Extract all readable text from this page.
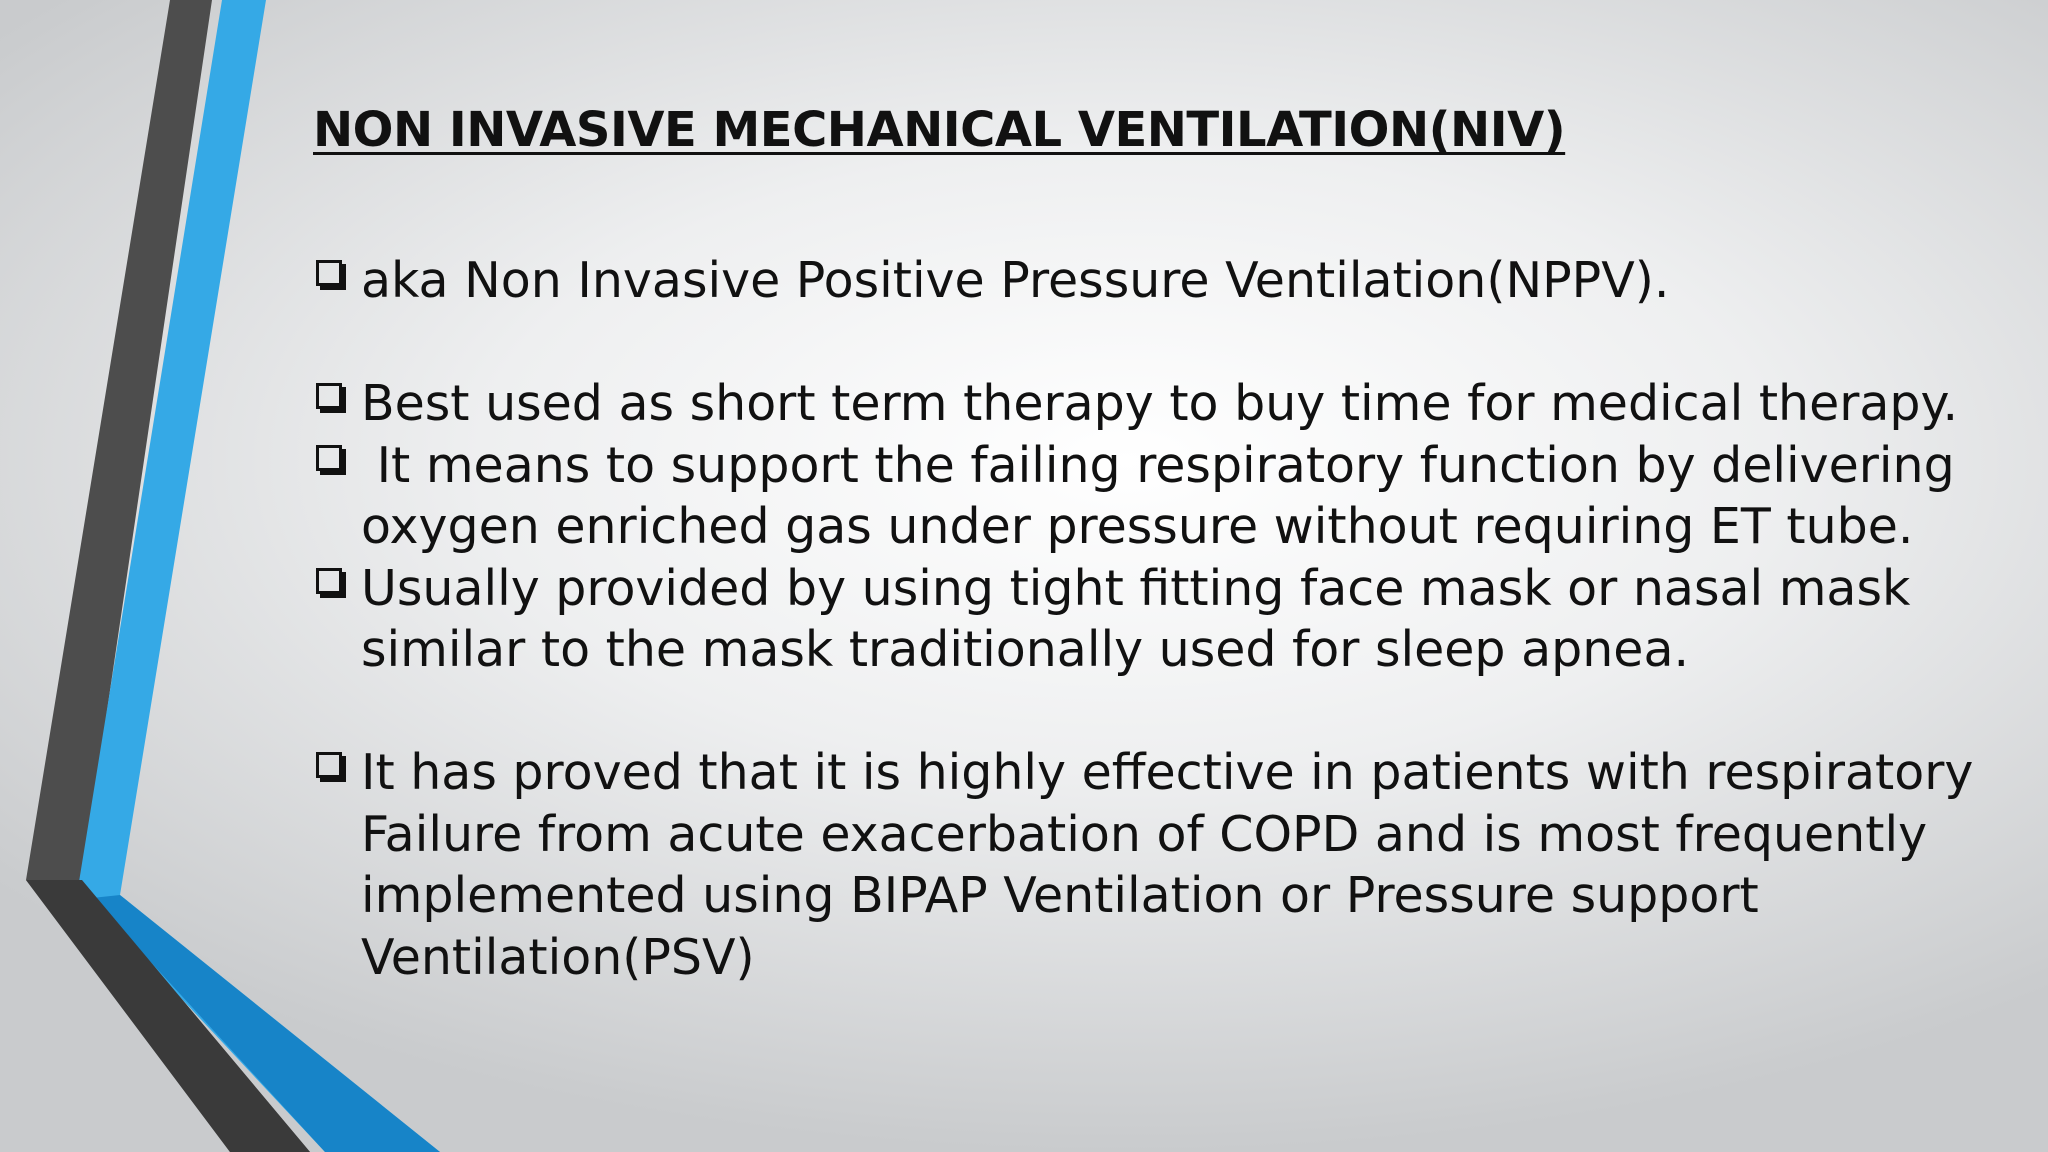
NON INVASIVE MECHANICAL VENTILATION(NIV)
aka Non Invasive Positive Pressure Ventilation(NPPV).
Best used as short term therapy to buy time for medical therapy.
It means to support the failing respiratory function by delivering
oxygen enriched gas under pressure without requiring ET tube.
Usually provided by using tight fitting face mask or nasal mask
similar to the mask traditionally used for sleep apnea.
It has proved that it is highly effective in patients with respiratory
Failure from acute exacerbation of COPD and is most frequently
implemented using BIPAP Ventilation or Pressure support
Ventilation(PSV)
